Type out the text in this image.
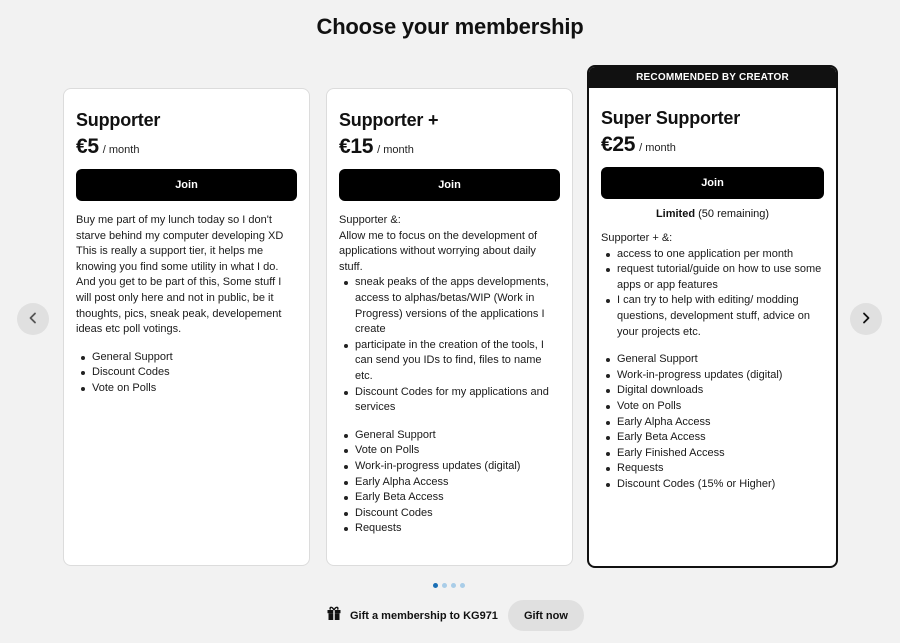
Choose your membership
Supporter
€5 / month
Join

Buy me part of my lunch today so I don't starve behind my computer developing XD This is really a support tier, it helps me knowing you find some utility in what I do. And you get to be part of this, Some stuff I will post only here and not in public, be it thoughts, pics, sneak peak, developement ideas etc poll votings.

General Support
Discount Codes
Vote on Polls
Supporter +
€15 / month
Join

Supporter &:

Allow me to focus on the development of applications without worrying about daily stuff.

sneak peaks of the apps developments, access to alphas/betas/WIP (Work in Progress) versions of the applications I create
participate in the creation of the tools, I can send you IDs to find, files to name etc.
Discount Codes for my applications and services
General Support
Vote on Polls
Work-in-progress updates (digital)
Early Alpha Access
Early Beta Access
Discount Codes
Requests
RECOMMENDED BY CREATOR
Super Supporter
€25 / month
Join
Limited (50 remaining)

Supporter + &:

access to one application per month
request tutorial/guide on how to use some apps or app features
I can try to help with editing/ modding questions, development stuff, advice on your projects etc.
General Support
Work-in-progress updates (digital)
Digital downloads
Vote on Polls
Early Alpha Access
Early Beta Access
Early Finished Access
Requests
Discount Codes (15% or Higher)
Gift a membership to KG971	Gift now
